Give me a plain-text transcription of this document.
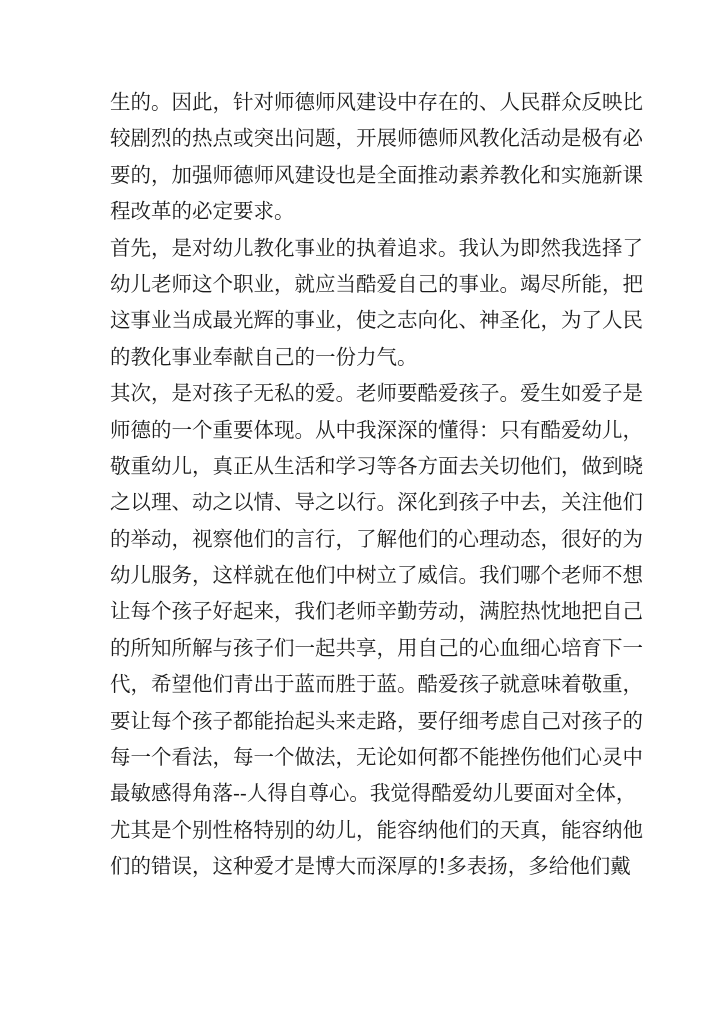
生的。因此，针对师德师风建设中存在的、人民群众反映比
较剧烈的热点或突出问题，开展师德师风教化活动是极有必
要的，加强师德师风建设也是全面推动素养教化和实施新课
程改革的必定要求。
首先，是对幼儿教化事业的执着追求。我认为即然我选择了
幼儿老师这个职业，就应当酷爱自己的事业。竭尽所能，把
这事业当成最光辉的事业，使之志向化、神圣化，为了人民
的教化事业奉献自己的一份力气。
其次，是对孩子无私的爱。老师要酷爱孩子。爱生如爱子是
师德的一个重要体现。从中我深深的懂得：只有酷爱幼儿，
敬重幼儿，真正从生活和学习等各方面去关切他们，做到晓
之以理、动之以情、导之以行。深化到孩子中去，关注他们
的举动，视察他们的言行，了解他们的心理动态，很好的为
幼儿服务，这样就在他们中树立了威信。我们哪个老师不想
让每个孩子好起来，我们老师辛勤劳动，满腔热忱地把自己
的所知所解与孩子们一起共享，用自己的心血细心培育下一
代，希望他们青出于蓝而胜于蓝。酷爱孩子就意味着敬重，
要让每个孩子都能抬起头来走路，要仔细考虑自己对孩子的
每一个看法，每一个做法，无论如何都不能挫伤他们心灵中
最敏感得角落--人得自尊心。我觉得酷爱幼儿要面对全体，
尤其是个别性格特别的幼儿，能容纳他们的天真，能容纳他
们的错误，这种爱才是博大而深厚的!多表扬，多给他们戴
